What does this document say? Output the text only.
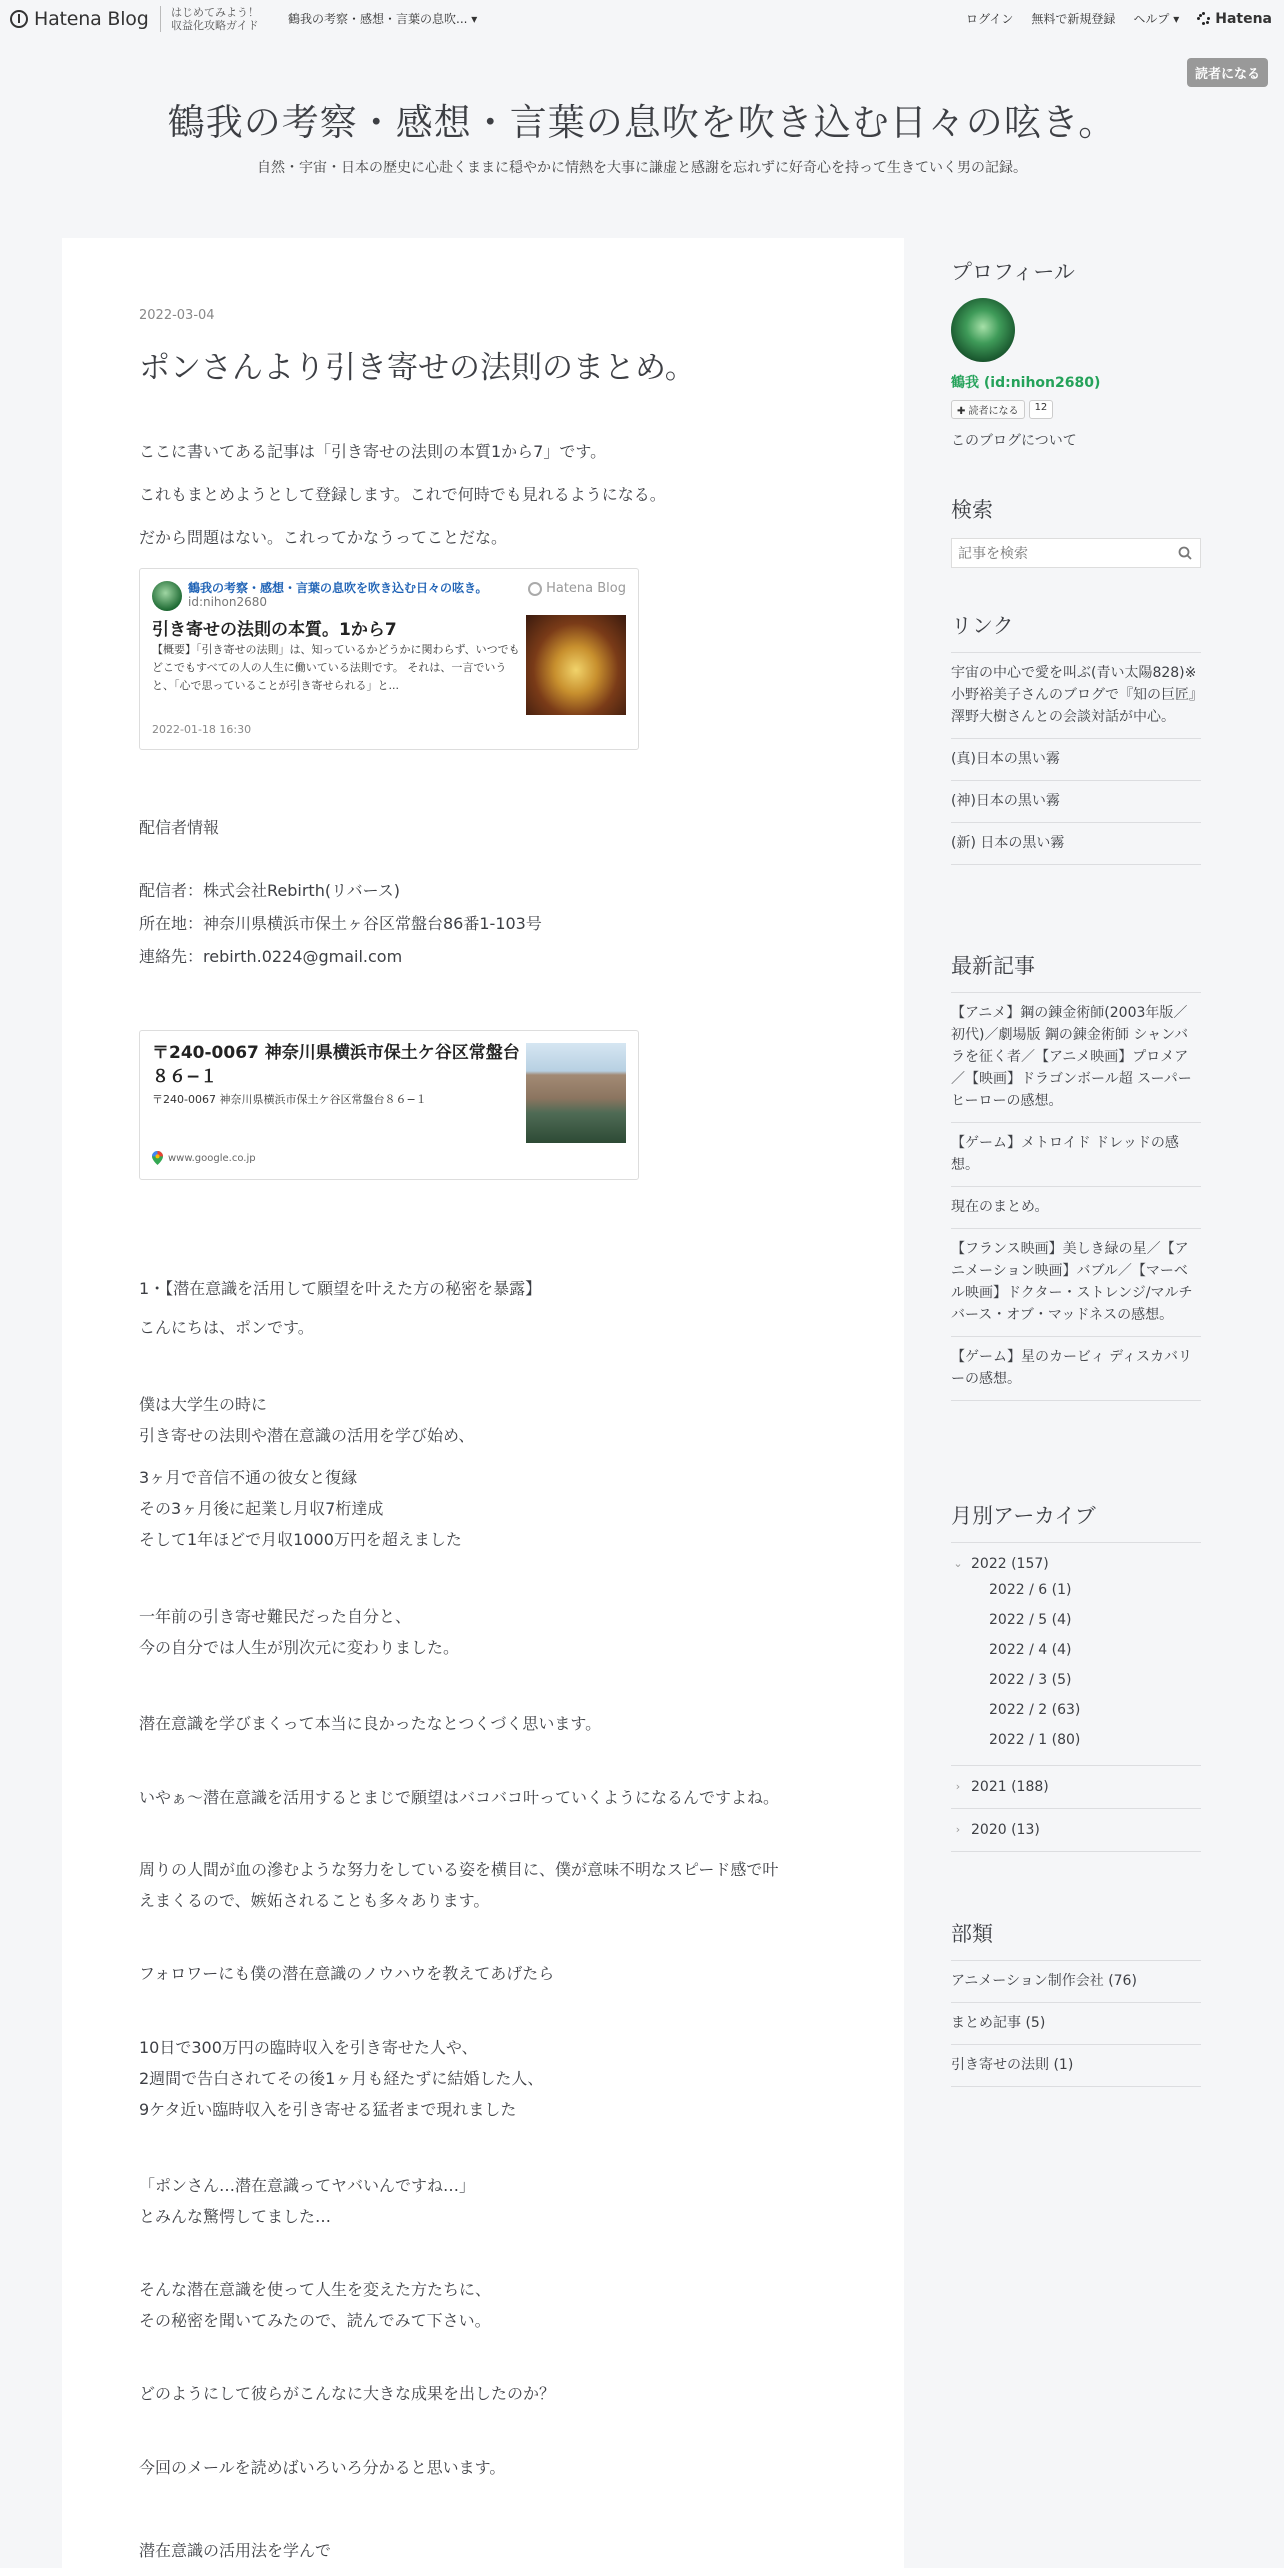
Hatena Blog はじめてみよう！
収益化攻略ガイド 鶴我の考察・感想・言葉の息吹... ▾	ログイン 無料で新規登録 ヘルプ ▾	Hatena
読者になる
鶴我の考察・感想・言葉の息吹を吹き込む日々の呟き。
自然・宇宙・日本の歴史に心赴くままに穏やかに情熱を大事に謙虚と感謝を忘れずに好奇心を持って生きていく男の記録。
2022-03-04
ポンさんより引き寄せの法則のまとめ。

ここに書いてある記事は「引き寄せの法則の本質1から7」です。

これもまとめようとして登録します。これで何時でも見れるようになる。

だから問題はない。これってかなうってことだな。

鶴我の考察・感想・言葉の息吹を吹き込む日々の呟き。
id:nihon2680
Hatena Blog
引き寄せの法則の本質。1から7
【概要】「引き寄せの法則」は、知っているかどうかに関わらず、いつでもどこでもすべての人の人生に働いている法則です。 それは、一言でいうと、「心で思っていることが引き寄せられる」と...
2022-01-18 16:30

配信者情報

配信者：株式会社Rebirth(リバース)
所在地：神奈川県横浜市保土ヶ谷区常盤台86番1-103号
連絡先：rebirth.0224@gmail.com

〒240-0067 神奈川県横浜市保土ケ谷区常盤台８６−１
〒240-0067 神奈川県横浜市保土ケ谷区常盤台８６−１
www.google.co.jp

1・【潜在意識を活用して願望を叶えた方の秘密を暴露】

こんにちは、ポンです。

僕は大学生の時に
引き寄せの法則や潜在意識の活用を学び始め、

3ヶ月で音信不通の彼女と復縁
その3ヶ月後に起業し月収7桁達成
そして1年ほどで月収1000万円を超えました

一年前の引き寄せ難民だった自分と、
今の自分では人生が別次元に変わりました。

潜在意識を学びまくって本当に良かったなとつくづく思います。

いやぁ～潜在意識を活用するとまじで願望はバコバコ叶っていくようになるんですよね。

周りの人間が血の滲むような努力をしている姿を横目に、僕が意味不明なスピード感で叶
えまくるので、嫉妬されることも多々あります。

フォロワーにも僕の潜在意識のノウハウを教えてあげたら

10日で300万円の臨時収入を引き寄せた人や、
2週間で告白されてその後1ヶ月も経たずに結婚した人、
9ケタ近い臨時収入を引き寄せる猛者まで現れました

「ポンさん…潜在意識ってヤバいんですね…」
とみんな驚愕してました…

そんな潜在意識を使って人生を変えた方たちに、
その秘密を聞いてみたので、読んでみて下さい。

どのようにして彼らがこんなに大きな成果を出したのか？

今回のメールを読めばいろいろ分かると思います。

潜在意識の活用法を学んで

プロフィール
鶴我 (id:nihon2680)
✚ 読者になる	12
このブログについて
検索
記事を検索
リンク
宇宙の中心で愛を叫ぶ(青い太陽828)※小野裕美子さんのブログで『知の巨匠』澤野大樹さんとの会談対話が中心。
(真)日本の黒い霧
(神)日本の黒い霧
(新) 日本の黒い霧
最新記事
【アニメ】鋼の錬金術師(2003年版／初代)／劇場版 鋼の錬金術師 シャンバラを征く者／【アニメ映画】プロメア／【映画】ドラゴンボール超 スーパーヒーローの感想。
【ゲーム】メトロイド ドレッドの感想。
現在のまとめ。
【フランス映画】美しき緑の星／【アニメーション映画】バブル／【マーベル映画】ドクター・ストレンジ/マルチバース・オブ・マッドネスの感想。
【ゲーム】星のカービィ ディスカバリーの感想。
月別アーカイブ
⌄ 2022 (157)
2022 / 6 (1)
2022 / 5 (4)
2022 / 4 (4)
2022 / 3 (5)
2022 / 2 (63)
2022 / 1 (80)
› 2021 (188)
› 2020 (13)
部類
アニメーション制作会社 (76)
まとめ記事 (5)
引き寄せの法則 (1)
